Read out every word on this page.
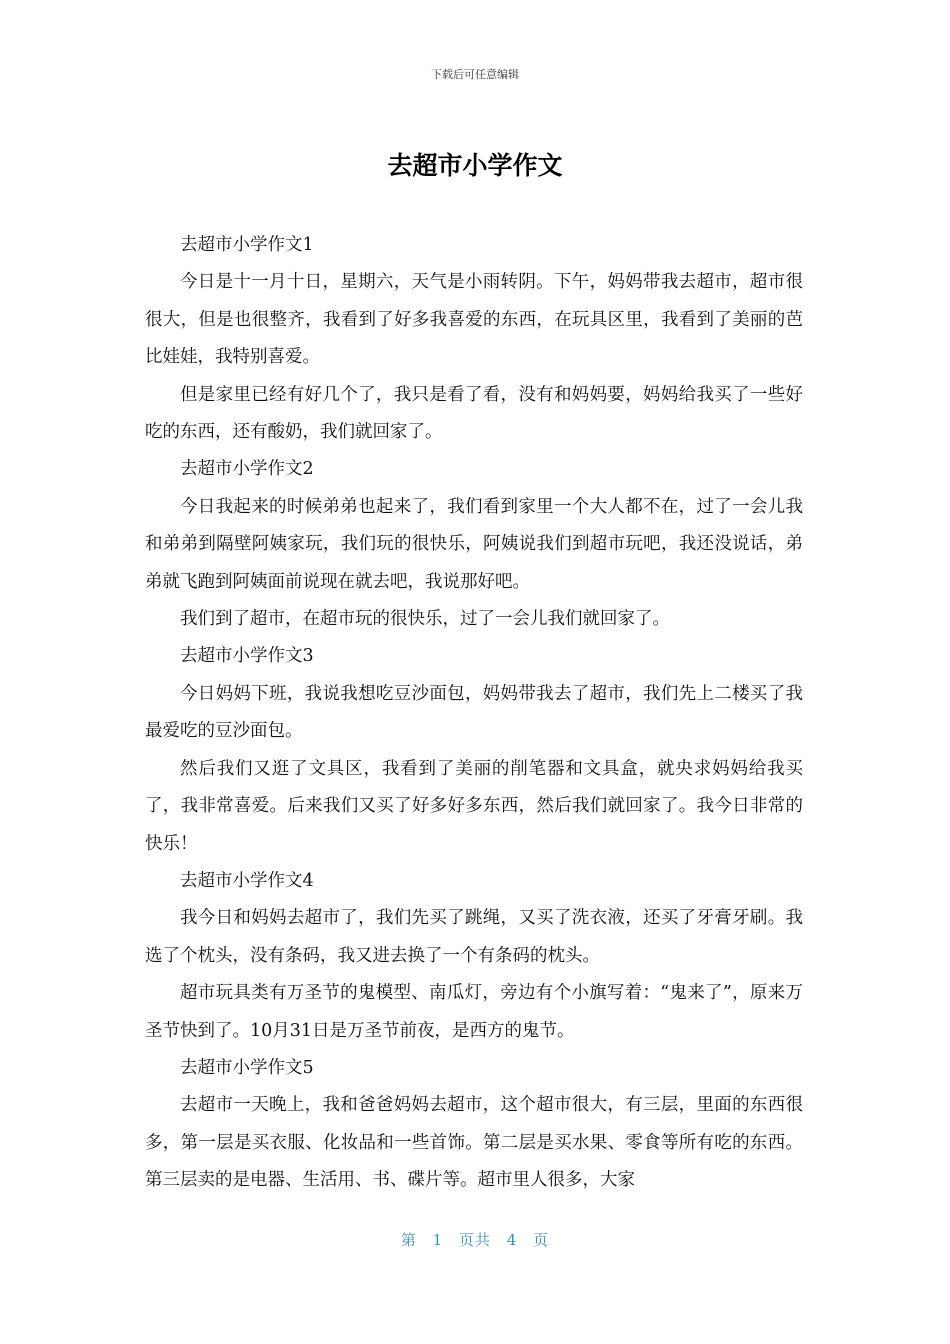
下载后可任意编辑
去超市小学作文

去超市小学作文1

今日是十一月十日，星期六，天气是小雨转阴。下午，妈妈带我去超市，超市很很大，但是也很整齐，我看到了好多我喜爱的东西，在玩具区里，我看到了美丽的芭比娃娃，我特别喜爱。

但是家里已经有好几个了，我只是看了看，没有和妈妈要，妈妈给我买了一些好吃的东西，还有酸奶，我们就回家了。

去超市小学作文2

今日我起来的时候弟弟也起来了，我们看到家里一个大人都不在，过了一会儿我和弟弟到隔壁阿姨家玩，我们玩的很快乐，阿姨说我们到超市玩吧，我还没说话，弟弟就飞跑到阿姨面前说现在就去吧，我说那好吧。

我们到了超市，在超市玩的很快乐，过了一会儿我们就回家了。

去超市小学作文3

今日妈妈下班，我说我想吃豆沙面包，妈妈带我去了超市，我们先上二楼买了我最爱吃的豆沙面包。

然后我们又逛了文具区，我看到了美丽的削笔器和文具盒，就央求妈妈给我买了，我非常喜爱。后来我们又买了好多好多东西，然后我们就回家了。我今日非常的快乐！

去超市小学作文4

我今日和妈妈去超市了，我们先买了跳绳，又买了洗衣液，还买了牙膏牙刷。我选了个枕头，没有条码，我又进去换了一个有条码的枕头。

超市玩具类有万圣节的鬼模型、南瓜灯，旁边有个小旗写着：“鬼来了”，原来万圣节快到了。10月31日是万圣节前夜，是西方的鬼节。

去超市小学作文5

去超市一天晚上，我和爸爸妈妈去超市，这个超市很大，有三层，里面的东西很多，第一层是买衣服、化妆品和一些首饰。第二层是买水果、零食等所有吃的东西。第三层卖的是电器、生活用、书、碟片等。超市里人很多，大家

第 1 页共 4 页
